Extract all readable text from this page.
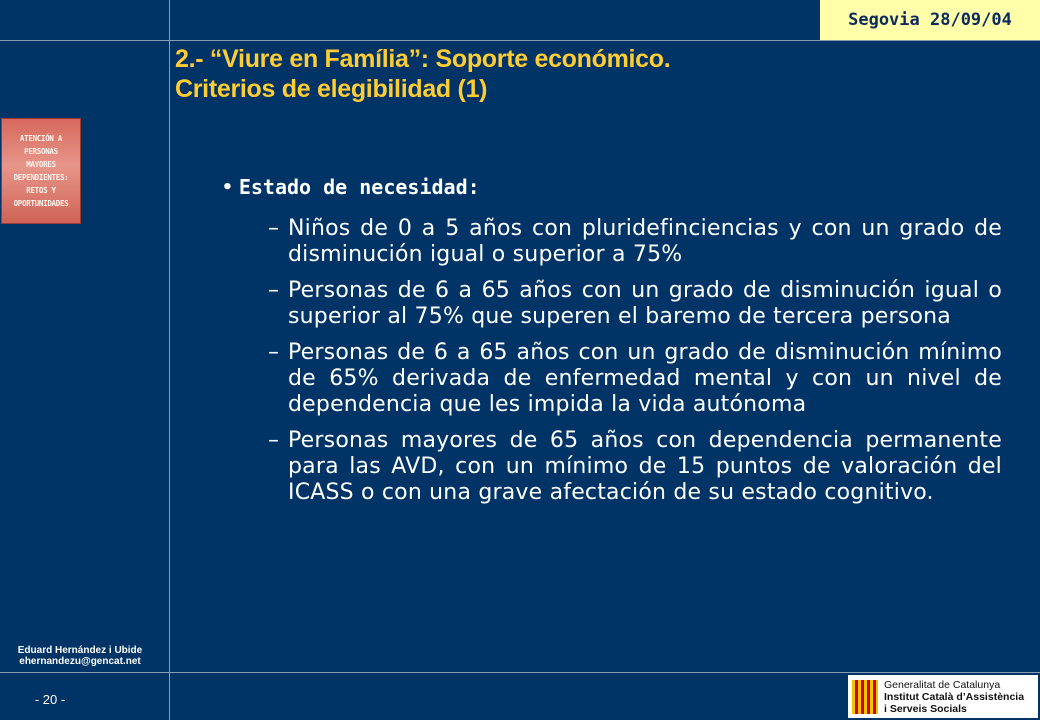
Segovia 28/09/04
2.- “Viure en Família”: Soporte económico.
Criterios de elegibilidad (1)
ATENCIÓN A
PERSONAS
MAYORES
DEPENDIENTES:
RETOS Y
OPORTUNIDADES
• Estado de necesidad:
– Niños de 0 a 5 años con pluridefinciencias y con un grado de disminución igual o superior a 75%
– Personas de 6 a 65 años con un grado de disminución igual o superior al 75% que superen el baremo de tercera persona
– Personas de 6 a 65 años con un grado de disminución mínimo de 65% derivada de enfermedad mental y con un nivel de dependencia que les impida la vida autónoma
– Personas mayores de 65 años con dependencia permanente para las AVD, con un mínimo de 15 puntos de valoración del ICASS o con una grave afectación de su estado cognitivo.
Eduard Hernández i Ubide
ehernandezu@gencat.net
- 20 -
Generalitat de Catalunya
Institut Català d’Assistència
i Serveis Socials
